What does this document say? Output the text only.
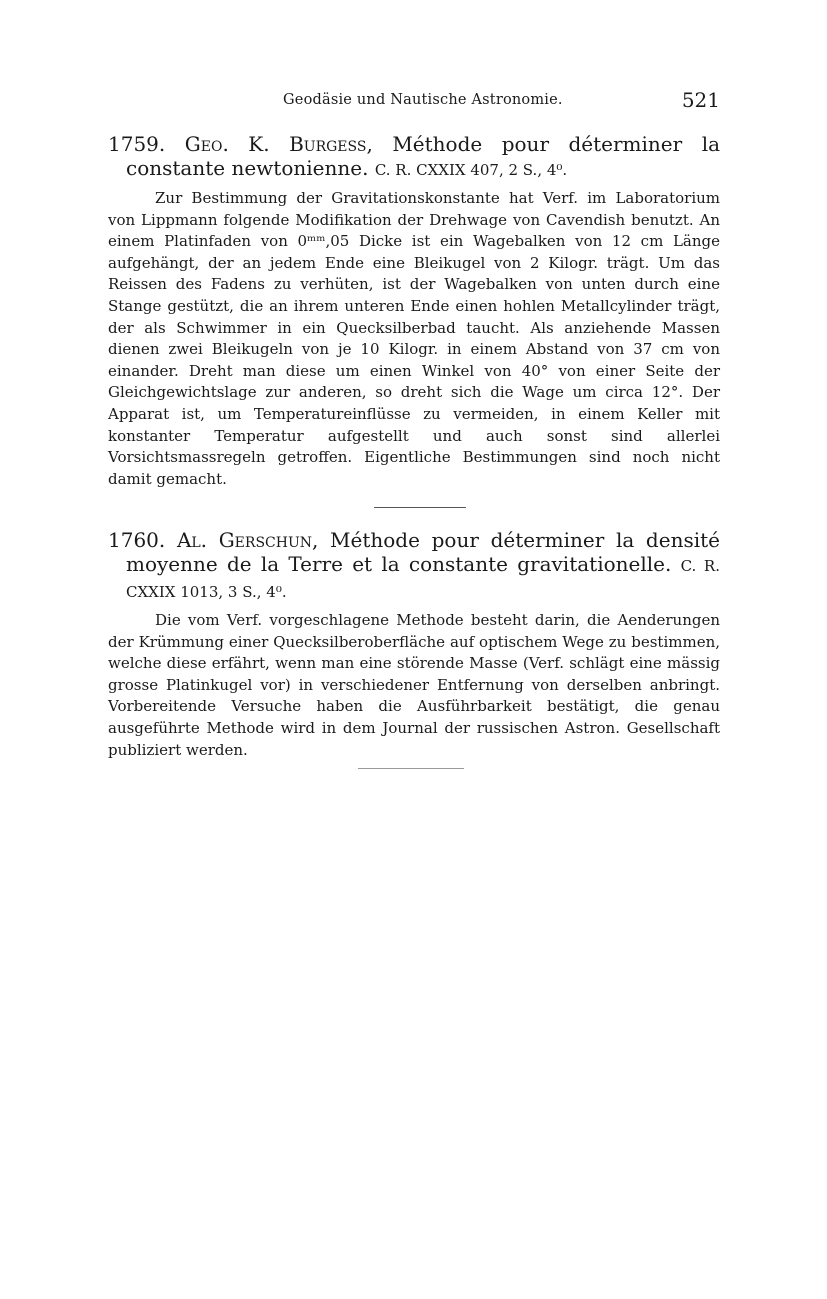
Geodäsie und Nautische Astronomie.	521
1759. Geo. K. Burgess, Méthode pour déterminer la constante newtonienne. C. R. CXXIX 407, 2 S., 4⁰.
Zur Bestimmung der Gravitationskonstante hat Verf. im Laboratorium von Lippmann folgende Modifikation der Drehwage von Cavendish benutzt. An einem Platinfaden von 0ᵐᵐ,05 Dicke ist ein Wagebalken von 12 cm Länge aufgehängt, der an jedem Ende eine Bleikugel von 2 Kilogr. trägt. Um das Reissen des Fadens zu verhüten, ist der Wagebalken von unten durch eine Stange gestützt, die an ihrem unteren Ende einen hohlen Metallcylinder trägt, der als Schwimmer in ein Quecksilberbad taucht. Als anziehende Massen dienen zwei Bleikugeln von je 10 Kilogr. in einem Abstand von 37 cm von einander. Dreht man diese um einen Winkel von 40° von einer Seite der Gleichgewichtslage zur anderen, so dreht sich die Wage um circa 12°. Der Apparat ist, um Temperatureinflüsse zu vermeiden, in einem Keller mit konstanter Temperatur aufgestellt und auch sonst sind allerlei Vorsichtsmassregeln getroffen. Eigentliche Bestimmungen sind noch nicht damit gemacht.
1760. Al. Gerschun, Méthode pour déterminer la densité moyenne de la Terre et la constante gravitationelle. C. R. CXXIX 1013, 3 S., 4⁰.
Die vom Verf. vorgeschlagene Methode besteht darin, die Aenderungen der Krümmung einer Quecksilberoberfläche auf optischem Wege zu bestimmen, welche diese erfährt, wenn man eine störende Masse (Verf. schlägt eine mässig grosse Platinkugel vor) in verschiedener Entfernung von derselben anbringt. Vorbereitende Versuche haben die Ausführbarkeit bestätigt, die genau ausgeführte Methode wird in dem Journal der russischen Astron. Gesellschaft publiziert werden.
